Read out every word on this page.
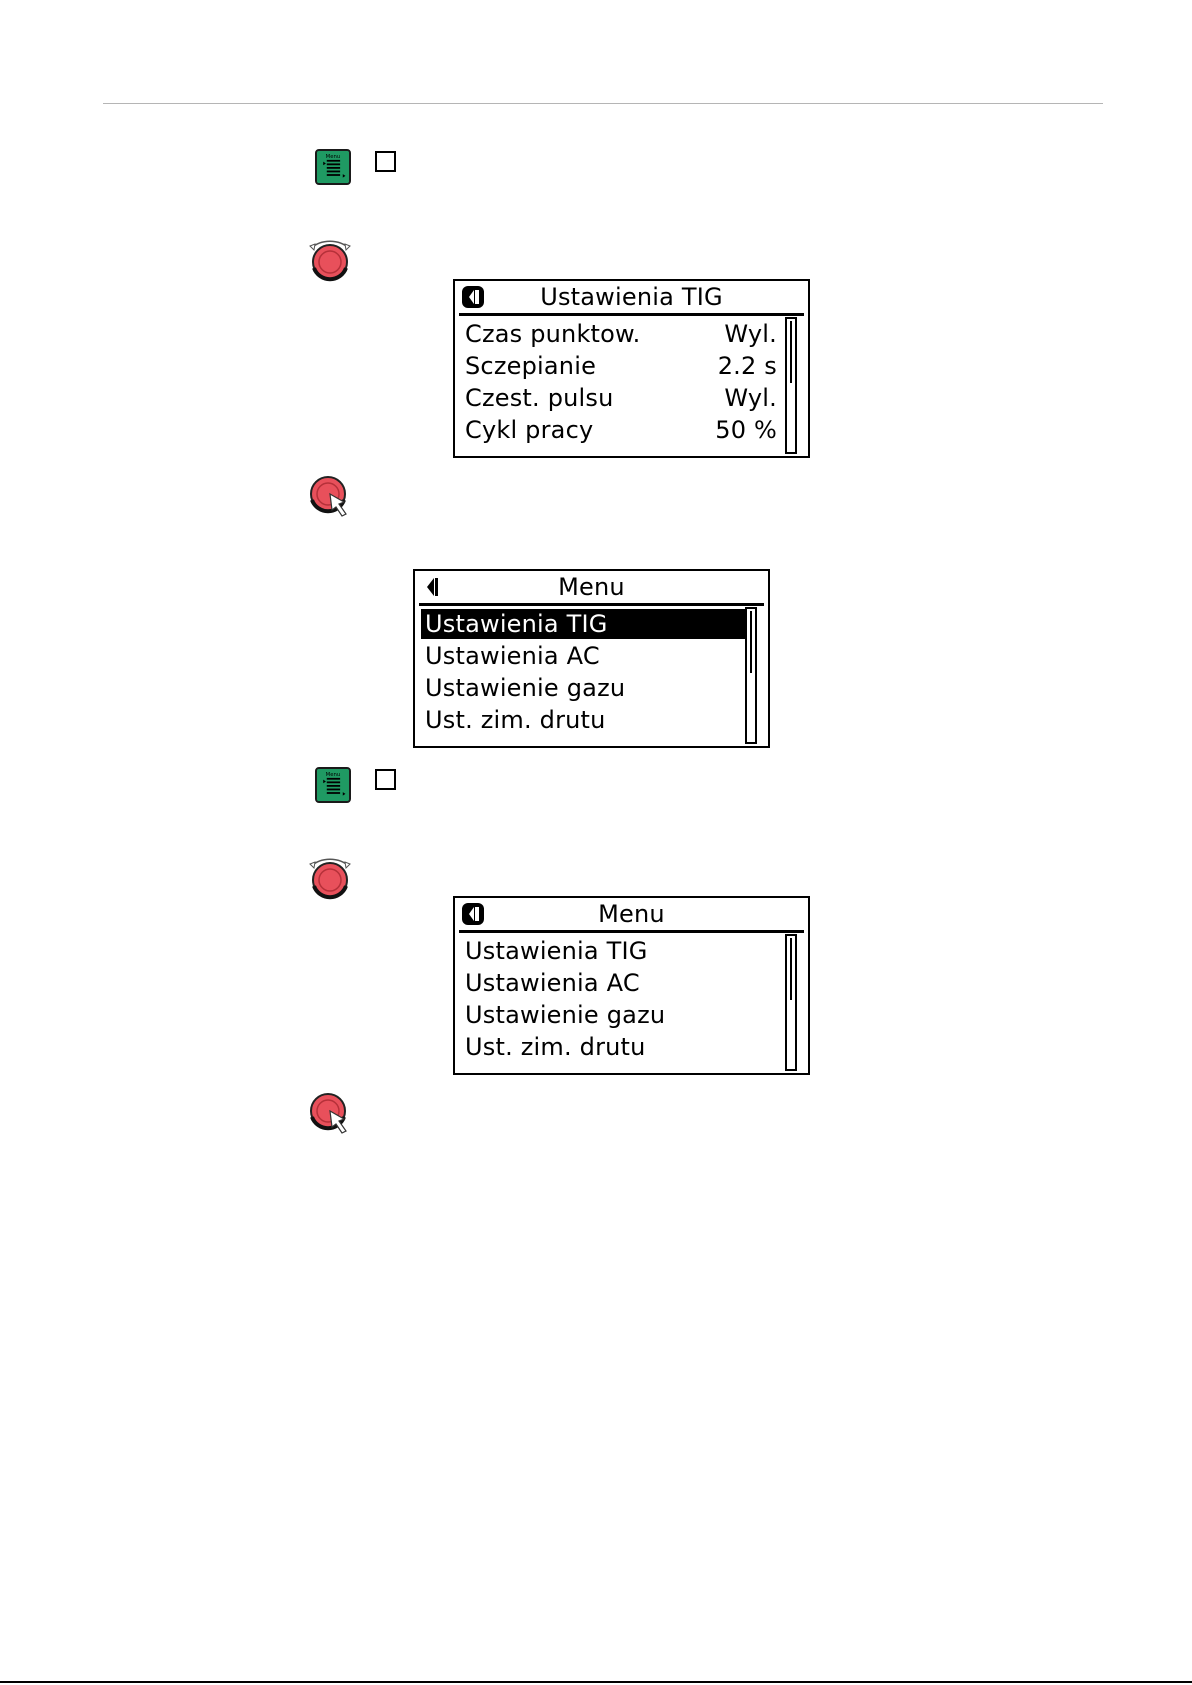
Menu
Ustawienia TIG
Czas punktow.	Wyl.
Sczepianie	2.2 s
Czest. pulsu	Wyl.
Cykl pracy	50 %
Menu
Ustawienia TIG
Ustawienia AC
Ustawienie gazu
Ust. zim. drutu
Menu
Menu
Ustawienia TIG
Ustawienia AC
Ustawienie gazu
Ust. zim. drutu
